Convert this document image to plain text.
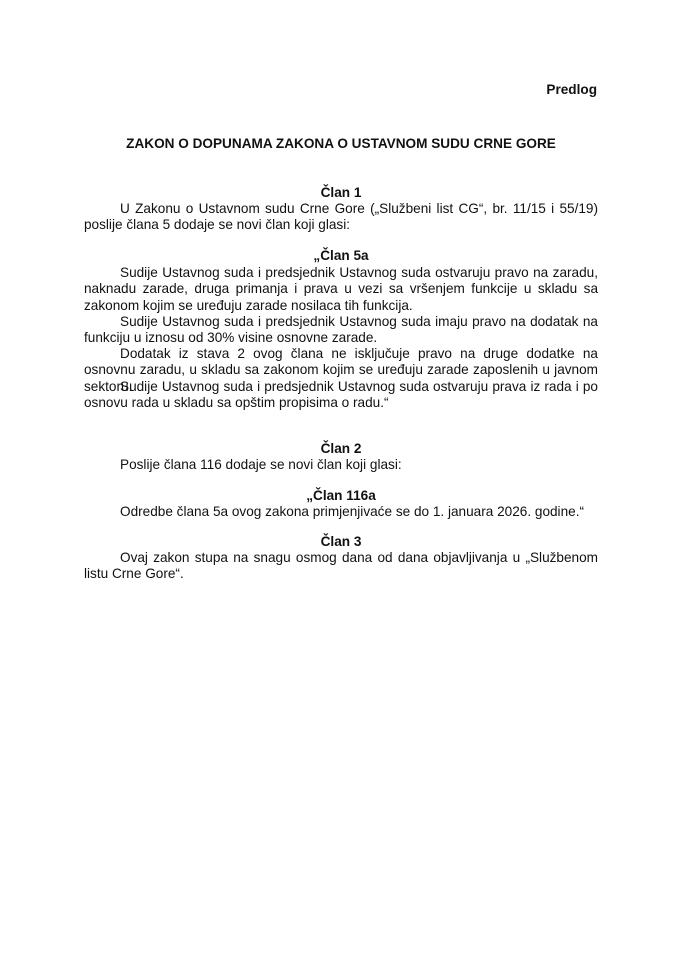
Predlog
ZAKON O DOPUNAMA ZAKONA O USTAVNOM SUDU CRNE GORE
Član 1
U Zakonu o Ustavnom sudu Crne Gore („Službeni list CG“, br. 11/15 i 55/19) poslije člana 5 dodaje se novi član koji glasi:
„Član 5a
Sudije Ustavnog suda i predsjednik Ustavnog suda ostvaruju pravo na zaradu, naknadu zarade, druga primanja i prava u vezi sa vršenjem funkcije u skladu sa zakonom kojim se uređuju zarade nosilaca tih funkcija.
Sudije Ustavnog suda i predsjednik Ustavnog suda imaju pravo na dodatak na funkciju u iznosu od 30% visine osnovne zarade.
Dodatak iz stava 2 ovog člana ne isključuje pravo na druge dodatke na osnovnu zaradu, u skladu sa zakonom kojim se uređuju zarade zaposlenih u javnom sektoru.
Sudije Ustavnog suda i predsjednik Ustavnog suda ostvaruju prava iz rada i po osnovu rada u skladu sa opštim propisima o radu.“
Član 2
Poslije člana 116 dodaje se novi član koji glasi:
„Član 116a
Odredbe člana 5a ovog zakona primjenjivaće se do 1. januara 2026. godine.“
Član 3
Ovaj zakon stupa na snagu osmog dana od dana objavljivanja u „Službenom listu Crne Gore“.
